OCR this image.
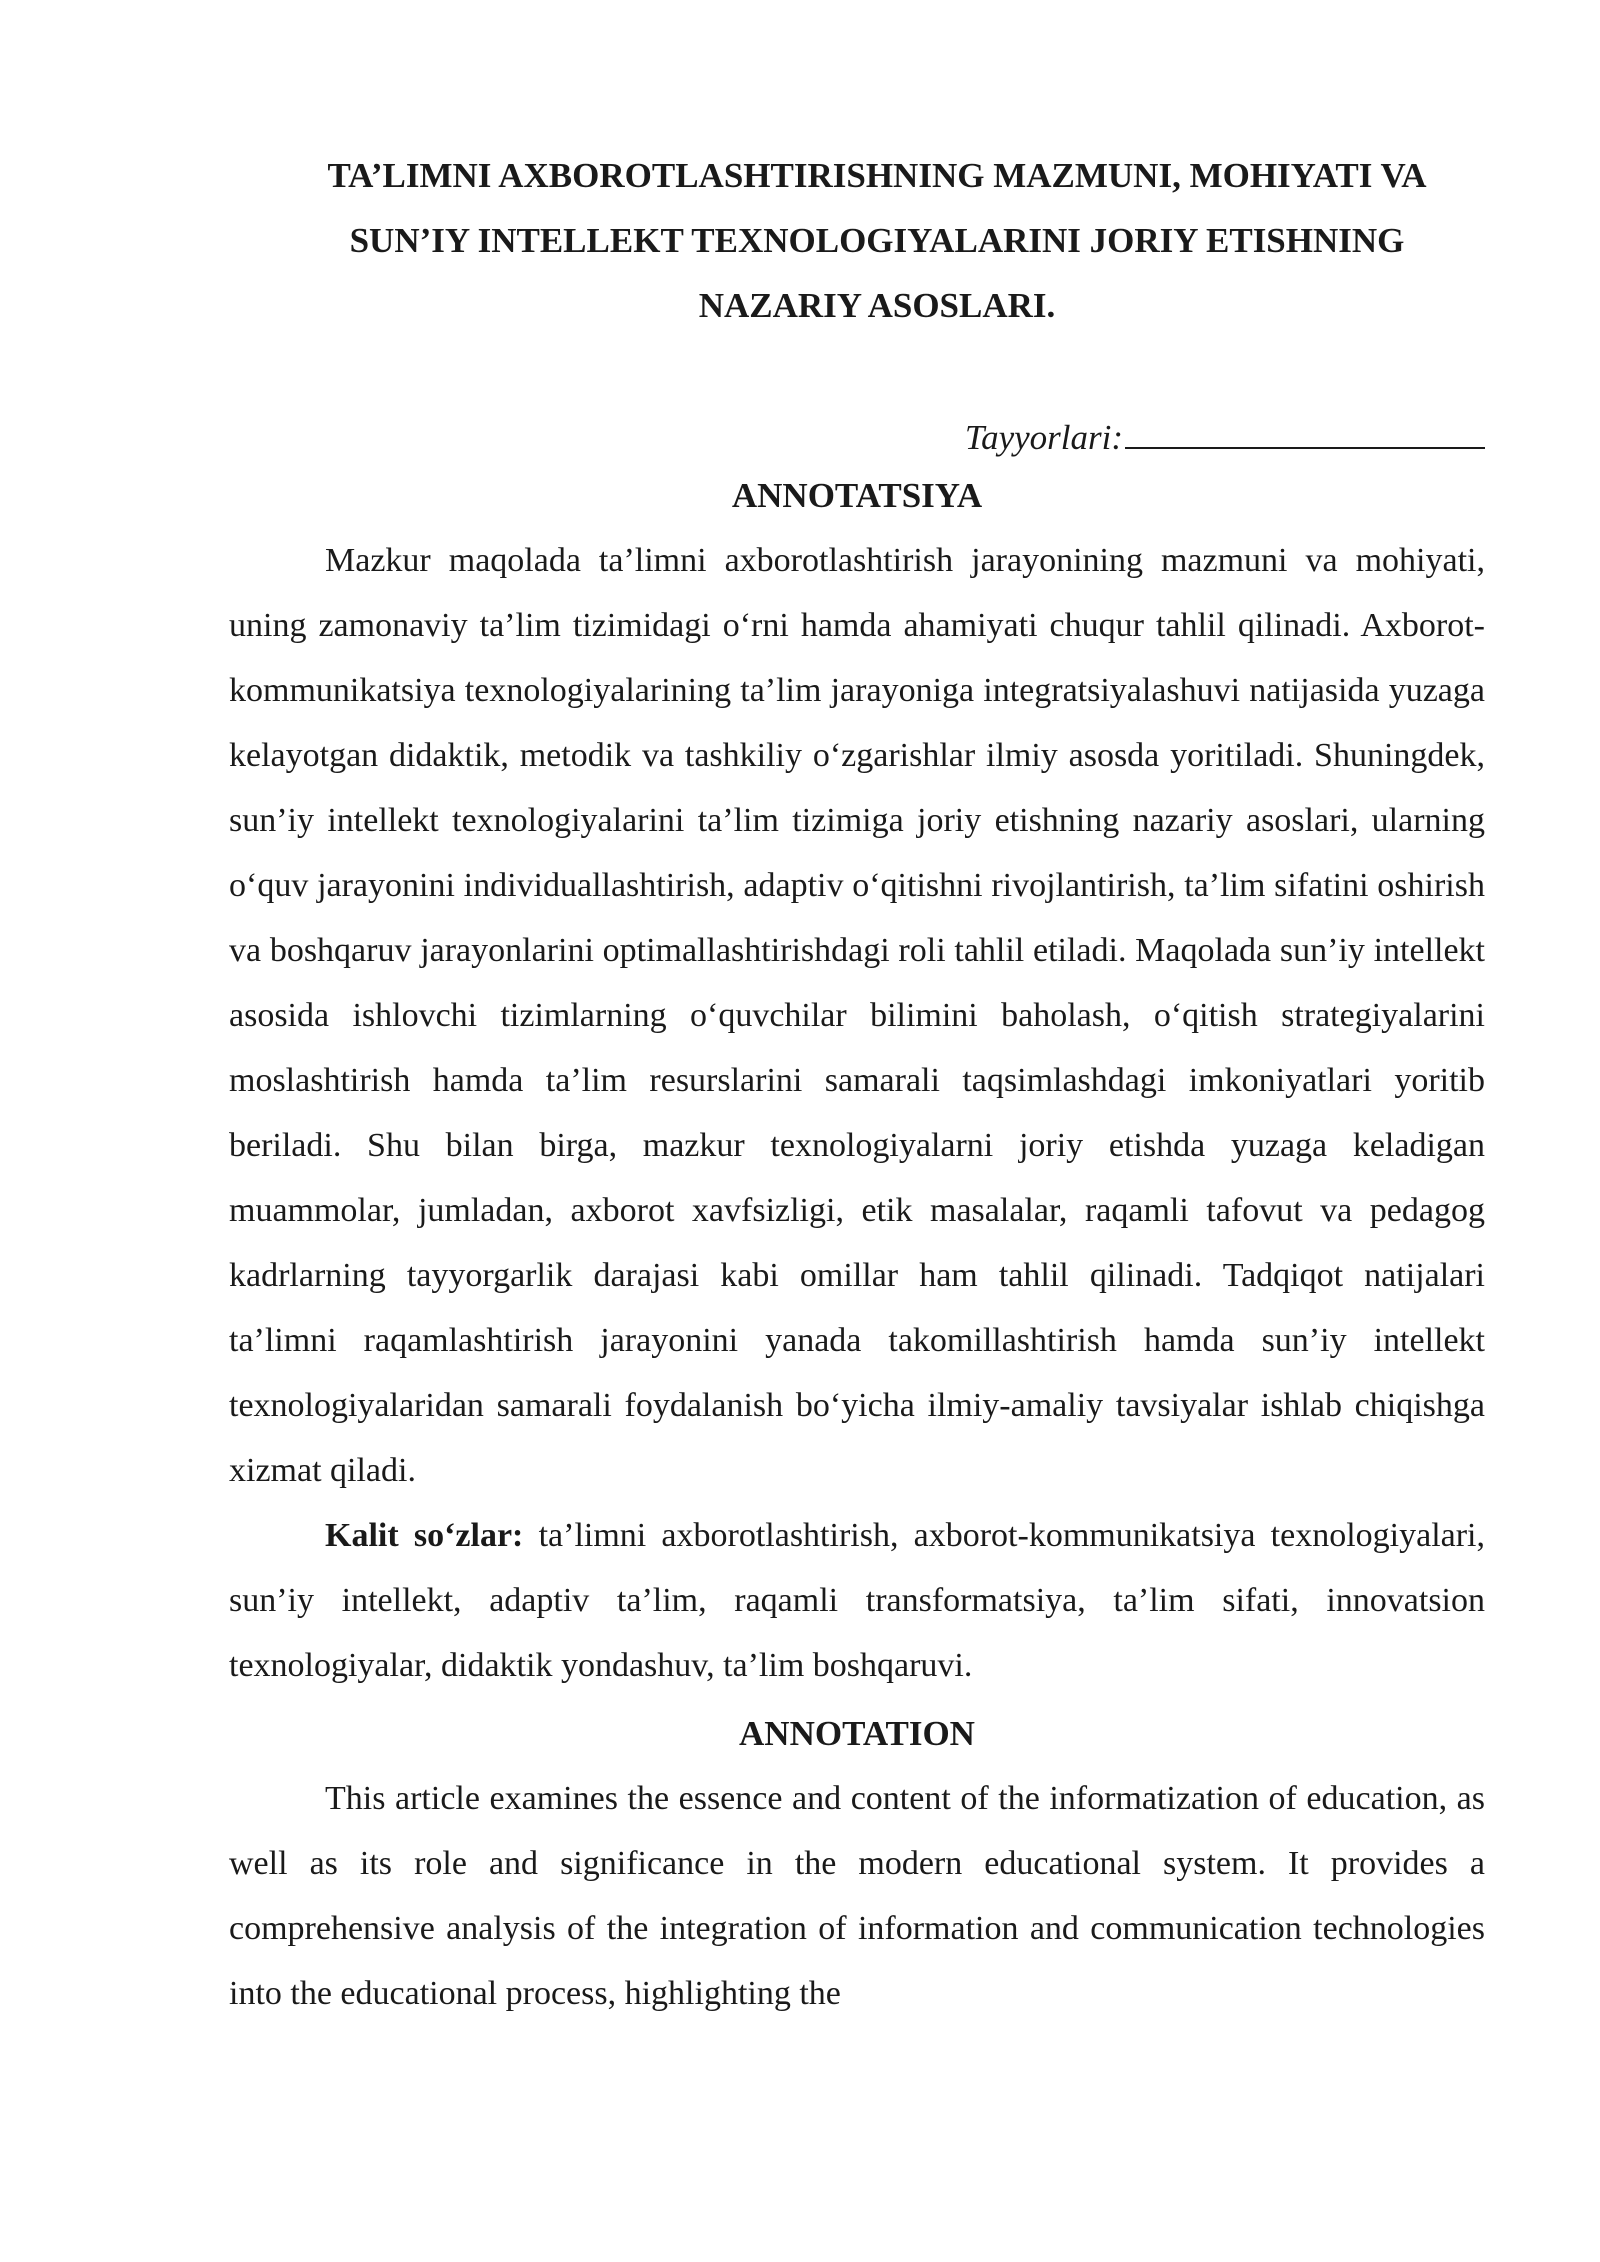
TA’LIMNI AXBOROTLASHTIRISHNING MAZMUNI, MOHIYATI VA SUN’IY INTELLEKT TEXNOLOGIYALARINI JORIY ETISHNING NAZARIY ASOSLARI.
Tayyorlari:
ANNOTATSIYA

Mazkur maqolada ta’limni axborotlashtirish jarayonining mazmuni va mohiyati, uning zamonaviy ta’lim tizimidagi o‘rni hamda ahamiyati chuqur tahlil qilinadi. Axborot-kommunikatsiya texnologiyalarining ta’lim jarayoniga integratsiyalashuvi natijasida yuzaga kelayotgan didaktik, metodik va tashkiliy o‘zgarishlar ilmiy asosda yoritiladi. Shuningdek, sun’iy intellekt texnologiyalarini ta’lim tizimiga joriy etishning nazariy asoslari, ularning o‘quv jarayonini individuallashtirish, adaptiv o‘qitishni rivojlantirish, ta’lim sifatini oshirish va boshqaruv jarayonlarini optimallashtirishdagi roli tahlil etiladi. Maqolada sun’iy intellekt asosida ishlovchi tizimlarning o‘quvchilar bilimini baholash, o‘qitish strategiyalarini moslashtirish hamda ta’lim resurslarini samarali taqsimlashdagi imkoniyatlari yoritib beriladi. Shu bilan birga, mazkur texnologiyalarni joriy etishda yuzaga keladigan muammolar, jumladan, axborot xavfsizligi, etik masalalar, raqamli tafovut va pedagog kadrlarning tayyorgarlik darajasi kabi omillar ham tahlil qilinadi. Tadqiqot natijalari ta’limni raqamlashtirish jarayonini yanada takomillashtirish hamda sun’iy intellekt texnologiyalaridan samarali foydalanish bo‘yicha ilmiy-amaliy tavsiyalar ishlab chiqishga xizmat qiladi.

Kalit so‘zlar: ta’limni axborotlashtirish, axborot-kommunikatsiya texnologiyalari, sun’iy intellekt, adaptiv ta’lim, raqamli transformatsiya, ta’lim sifati, innovatsion texnologiyalar, didaktik yondashuv, ta’lim boshqaruvi.

ANNOTATION

This article examines the essence and content of the informatization of education, as well as its role and significance in the modern educational system. It provides a comprehensive analysis of the integration of information and communication technologies into the educational process, highlighting the
